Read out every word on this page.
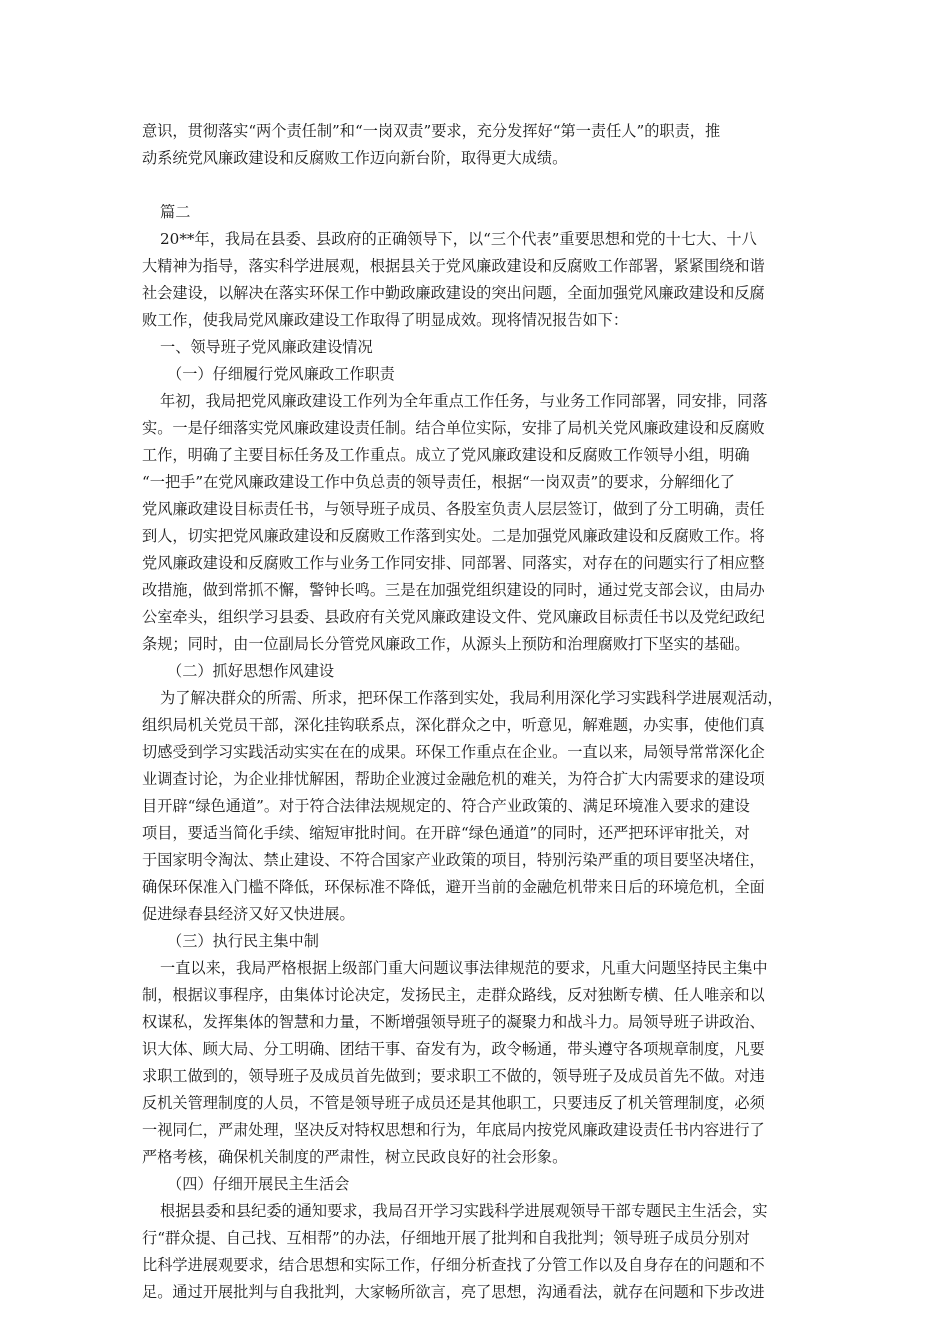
意识，贯彻落实“两个责任制”和“一岗双责”要求，充分发挥好“第一责任人”的职责，推
动系统党风廉政建设和反腐败工作迈向新台阶，取得更大成绩。
篇二
20**年，我局在县委、县政府的正确领导下，以“三个代表”重要思想和党的十七大、十八
大精神为指导，落实科学进展观，根据县关于党风廉政建设和反腐败工作部署，紧紧围绕和谐
社会建设，以解决在落实环保工作中勤政廉政建设的突出问题，全面加强党风廉政建设和反腐
败工作，使我局党风廉政建设工作取得了明显成效。现将情况报告如下：
一、领导班子党风廉政建设情况
（一）仔细履行党风廉政工作职责
年初，我局把党风廉政建设工作列为全年重点工作任务，与业务工作同部署，同安排，同落
实。一是仔细落实党风廉政建设责任制。结合单位实际，安排了局机关党风廉政建设和反腐败
工作，明确了主要目标任务及工作重点。成立了党风廉政建设和反腐败工作领导小组，明确
“一把手”在党风廉政建设工作中负总责的领导责任，根据“一岗双责”的要求，分解细化了
党风廉政建设目标责任书，与领导班子成员、各股室负责人层层签订，做到了分工明确，责任
到人，切实把党风廉政建设和反腐败工作落到实处。二是加强党风廉政建设和反腐败工作。将
党风廉政建设和反腐败工作与业务工作同安排、同部署、同落实，对存在的问题实行了相应整
改措施，做到常抓不懈，警钟长鸣。三是在加强党组织建设的同时，通过党支部会议，由局办
公室牵头，组织学习县委、县政府有关党风廉政建设文件、党风廉政目标责任书以及党纪政纪
条规；同时，由一位副局长分管党风廉政工作，从源头上预防和治理腐败打下坚实的基础。
（二）抓好思想作风建设
为了解决群众的所需、所求，把环保工作落到实处，我局利用深化学习实践科学进展观活动，
组织局机关党员干部，深化挂钩联系点，深化群众之中，听意见，解难题，办实事，使他们真
切感受到学习实践活动实实在在的成果。环保工作重点在企业。一直以来，局领导常常深化企
业调查讨论，为企业排忧解困，帮助企业渡过金融危机的难关，为符合扩大内需要求的建设项
目开辟“绿色通道”。对于符合法律法规规定的、符合产业政策的、满足环境准入要求的建设
项目，要适当简化手续、缩短审批时间。在开辟“绿色通道”的同时，还严把环评审批关，对
于国家明令淘汰、禁止建设、不符合国家产业政策的项目，特别污染严重的项目要坚决堵住，
确保环保准入门槛不降低，环保标准不降低，避开当前的金融危机带来日后的环境危机，全面
促进绿春县经济又好又快进展。
（三）执行民主集中制
一直以来，我局严格根据上级部门重大问题议事法律规范的要求，凡重大问题坚持民主集中
制，根据议事程序，由集体讨论决定，发扬民主，走群众路线，反对独断专横、任人唯亲和以
权谋私，发挥集体的智慧和力量，不断增强领导班子的凝聚力和战斗力。局领导班子讲政治、
识大体、顾大局、分工明确、团结干事、奋发有为，政令畅通，带头遵守各项规章制度，凡要
求职工做到的，领导班子及成员首先做到；要求职工不做的，领导班子及成员首先不做。对违
反机关管理制度的人员，不管是领导班子成员还是其他职工，只要违反了机关管理制度，必须
一视同仁，严肃处理，坚决反对特权思想和行为，年底局内按党风廉政建设责任书内容进行了
严格考核，确保机关制度的严肃性，树立民政良好的社会形象。
（四）仔细开展民主生活会
根据县委和县纪委的通知要求，我局召开学习实践科学进展观领导干部专题民主生活会，实
行“群众提、自己找、互相帮”的办法，仔细地开展了批判和自我批判；领导班子成员分别对
比科学进展观要求，结合思想和实际工作，仔细分析查找了分管工作以及自身存在的问题和不
足。通过开展批判与自我批判，大家畅所欲言，亮了思想，沟通看法，就存在问题和下步改进
